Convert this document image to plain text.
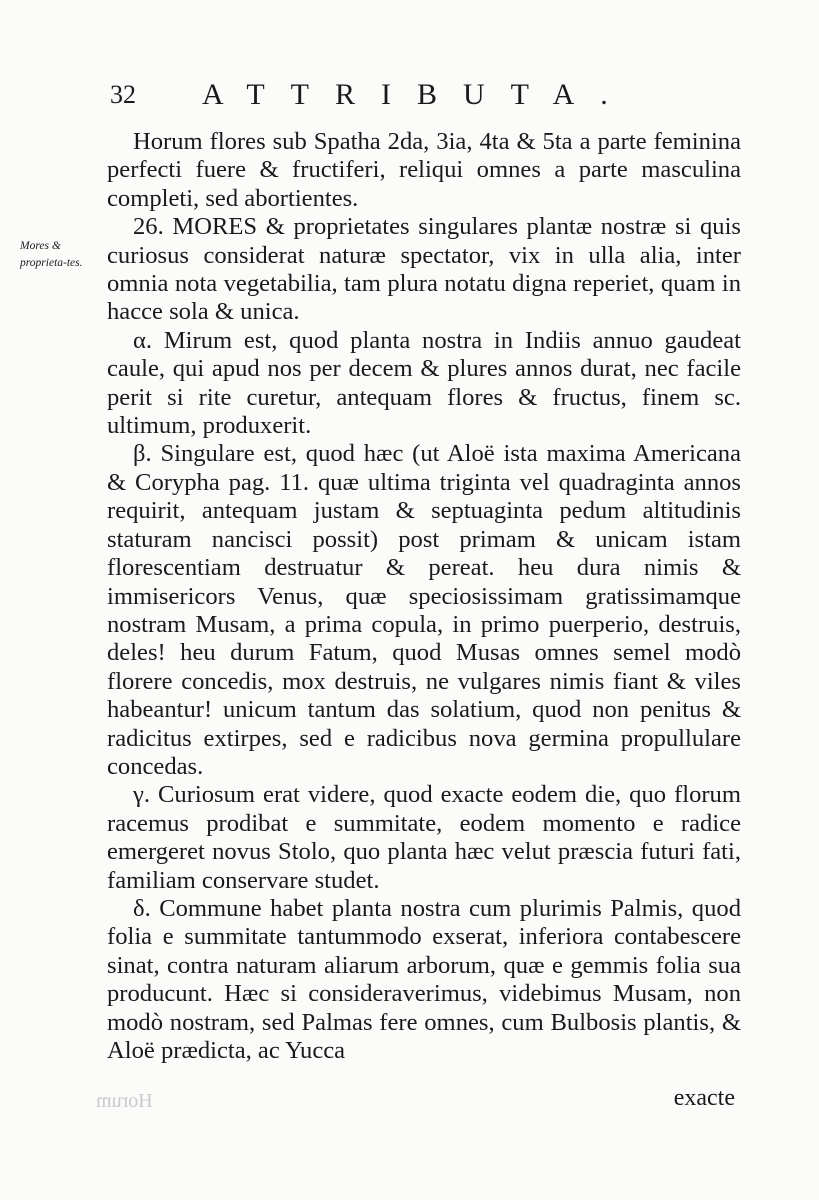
32 ATTRIBUTA.
Mores & proprieta-tes.

Horum flores sub Spatha 2da, 3ia, 4ta & 5ta a parte feminina perfecti fuere & fructiferi, reliqui omnes a parte masculina completi, sed abortientes.

26. MORES & proprietates singulares plantæ nostræ si quis curiosus considerat naturæ spectator, vix in ulla alia, inter omnia nota vegetabilia, tam plura notatu digna reperiet, quam in hacce sola & unica.

α. Mirum est, quod planta nostra in Indiis annuo gaudeat caule, qui apud nos per decem & plures annos durat, nec facile perit si rite curetur, antequam flores & fructus, finem sc. ultimum, produxerit.

β. Singulare est, quod hæc (ut Aloë ista maxima Americana & Corypha pag. 11. quæ ultima triginta vel quadraginta annos requirit, antequam justam & septuaginta pedum altitudinis staturam nancisci possit) post primam & unicam istam florescentiam destruatur & pereat. heu dura nimis & immisericors Venus, quæ speciosissimam gratissimamque nostram Musam, a prima copula, in primo puerperio, destruis, deles! heu durum Fatum, quod Musas omnes semel modò florere concedis, mox destruis, ne vulgares nimis fiant & viles habeantur! unicum tantum das solatium, quod non penitus & radicitus extirpes, sed e radicibus nova germina propullulare concedas.

γ. Curiosum erat videre, quod exacte eodem die, quo florum racemus prodibat e summitate, eodem momento e radice emergeret novus Stolo, quo planta hæc velut præscia futuri fati, familiam conservare studet.

δ. Commune habet planta nostra cum plurimis Palmis, quod folia e summitate tantummodo exserat, inferiora contabescere sinat, contra naturam aliarum arborum, quæ e gemmis folia sua producunt. Hæc si consideraverimus, videbimus Musam, non modò nostram, sed Palmas fere omnes, cum Bulbosis plantis, & Aloë prædicta, ac Yucca

Horum	exacte
